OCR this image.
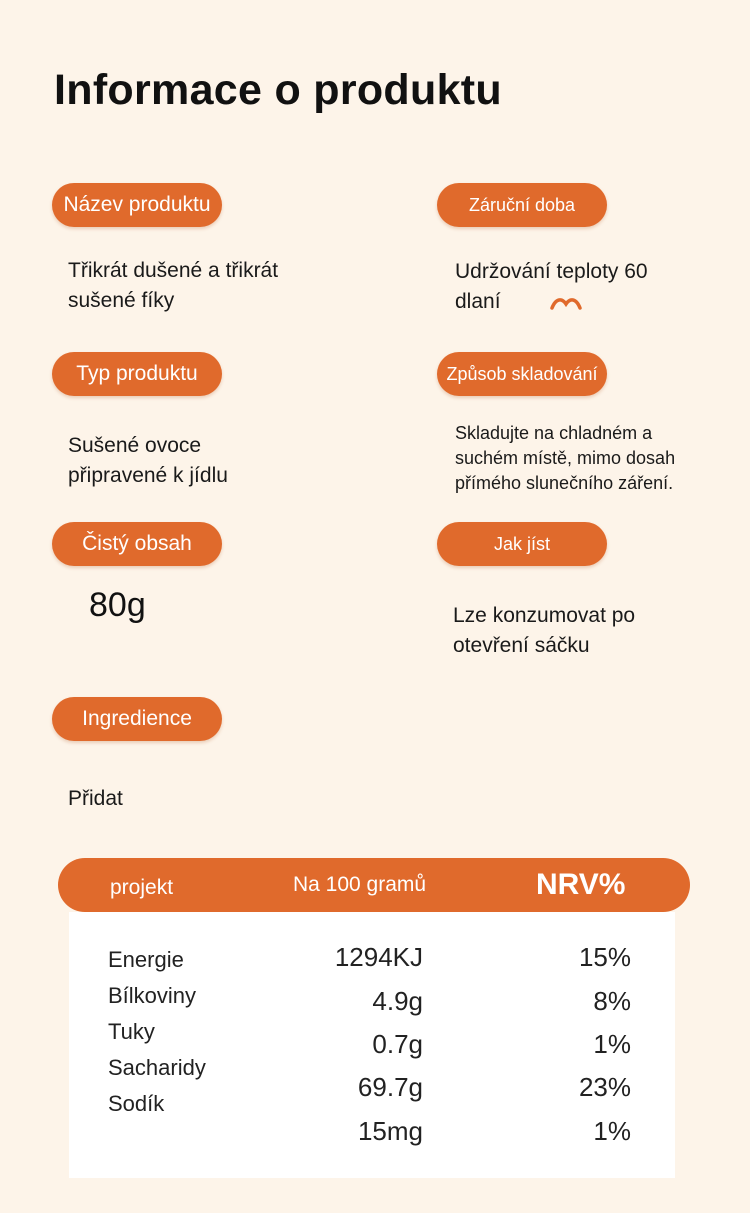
Informace o produktu
Název produktu
Třikrát dušené a třikrát
sušené fíky
Typ produktu
Sušené ovoce
připravené k jídlu
Čistý obsah
80g
Ingredience
Přidat
Záruční doba
Udržování teploty 60
dlaní
Způsob skladování
Skladujte na chladném a
suchém místě, mimo dosah
přímého slunečního záření.
Jak jíst
Lze konzumovat po
otevření sáčku
projekt	Na 100 gramů	NRV%
Energie
Bílkoviny
Tuky
Sacharidy
Sodík
1294KJ
4.9g
0.7g
69.7g
15mg
15%
8%
1%
23%
1%
